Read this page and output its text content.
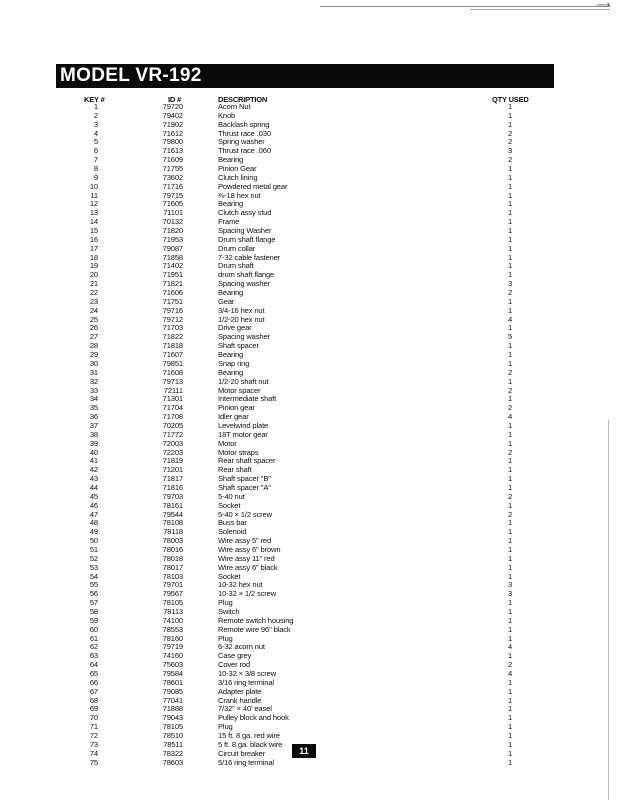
⟶
MODEL VR-192
KEY #	ID #	DESCRIPTION	QTY USED
1	79720	Acorn Nut	1
2	79402	Knob	1
3	71902	Backlash spring	1
4	71612	Thrust race .030	2
5	79800	Spring washer	2
6	71613	Thrust race .060	3
7	71609	Bearing	2
8	71755	Pinion Gear	1
9	73602	Clutch lining	1
10	71716	Powdered metal gear	1
11	79715	⅜-18 hex nut	1
12	71605	Bearing	1
13	71101	Clutch assy stud	1
14	70132	Frame	1
15	71820	Spacing Washer	1
16	71953	Drum shaft flange	1
17	79087	Drum collar	1
18	71858	7-32 cable fastener	1
19	71402	Drum shaft	1
20	71951	drum shaft flange	1
21	71821	Spacing washer	3
22	71606	Bearing	2
23	71751	Gear	1
24	79716	3/4-16 hex nut	1
25	79712	1/2-20 hex nut	4
26	71703	Drive gear	1
27	71822	Spacing washer	5
28	71818	Shaft spacer	1
29	71607	Bearing	1
30	79851	Snap ring	1
31	71608	Bearing	2
32	79713	1/2-20 shaft nut	1
33	72111	Motor spacer	2
34	71301	Intermediate shaft	1
35	71704	Pinion gear	2
36	71708	Idler gear	4
37	70205	Levelwind plate	1
38	71772	18T motor gear	1
39	72003	Motor	1
40	72203	Motor straps	2
41	71819	Rear shaft spacer	1
42	71201	Rear shaft	1
43	71817	Shaft spacer "B"	1
44	71816	Shaft spacer "A"	1
45	79703	5-40 nut	2
46	78161	Socket	1
47	79544	5-40 × 1/2 screw	2
48	78108	Buss bar	1
49	78118	Solenoid	1
50	78003	Wire assy 5" red	1
51	78016	Wire assy 6" brown	1
52	78018	Wire assy 11" red	1
53	78017	Wire assy 6" black	1
54	78103	Socket	1
55	79701	10-32 hex nut	3
56	79567	10-32 × 1/2 screw	3
57	78105	Plug	1
58	78113	Switch	1
59	74100	Remote switch housing	1
60	78553	Remote wire 96" black	1
61	78160	Plug	1
62	79719	6-32 acorn nut	4
63	74160	Case grey	1
64	75603	Cover rod	2
65	79584	10-32 × 3/8 screw	4
66	78601	3/16 ring terminal	1
67	79085	Adapter plate	1
68	77041	Crank handle	1
69	71888	7/32" × 40' easel	1
70	79043	Pulley block and hook	1
71	78105	Plug	1
72	78510	15 ft. 8 ga. red wire	1
73	78511	5 ft. 8 ga. black wire	1
74	78322	Circuit breaker	1
75	78603	5/16 ring terminal	1
11
